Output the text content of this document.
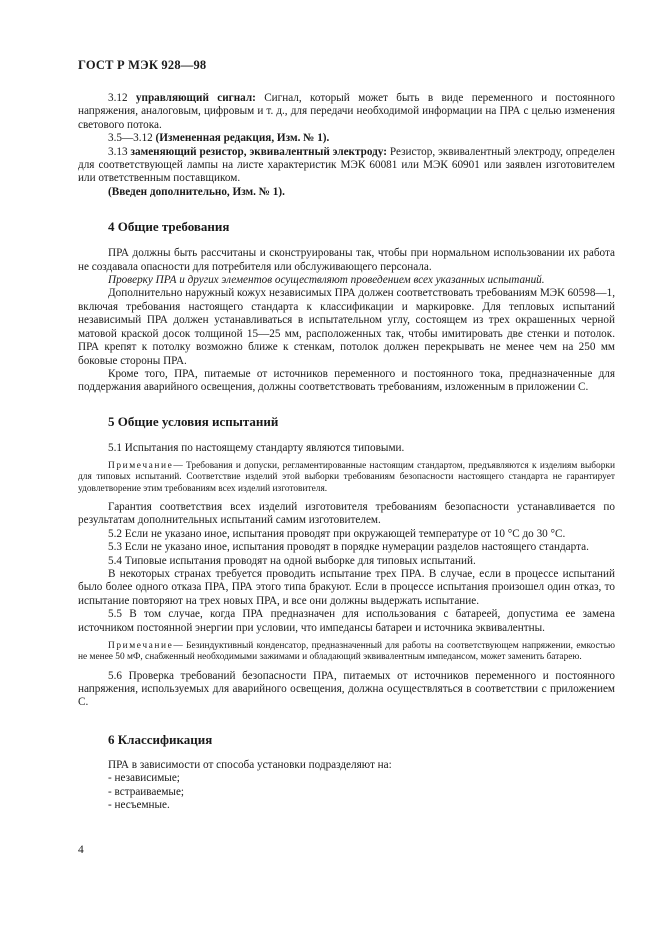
ГОСТ Р МЭК 928—98

3.12 управляющий сигнал: Сигнал, который может быть в виде переменного и постоянного напряжения, аналоговым, цифровым и т. д., для передачи необходимой информации на ПРА с целью изменения светового потока.

3.5—3.12 (Измененная редакция, Изм. № 1).

3.13 заменяющий резистор, эквивалентный электроду: Резистор, эквивалентный электроду, определен для соответствующей лампы на листе характеристик МЭК 60081 или МЭК 60901 или заявлен изготовителем или ответственным поставщиком.

(Введен дополнительно, Изм. № 1).

4 Общие требования

ПРА должны быть рассчитаны и сконструированы так, чтобы при нормальном использовании их работа не создавала опасности для потребителя или обслуживающего персонала.

Проверку ПРА и других элементов осуществляют проведением всех указанных испытаний.

Дополнительно наружный кожух независимых ПРА должен соответствовать требованиям МЭК 60598—1, включая требования настоящего стандарта к классификации и маркировке. Для тепловых испытаний независимый ПРА должен устанавливаться в испытательном углу, состоящем из трех окрашенных черной матовой краской досок толщиной 15—25 мм, расположенных так, чтобы имитировать две стенки и потолок. ПРА крепят к потолку возможно ближе к стенкам, потолок должен перекрывать не менее чем на 250 мм боковые стороны ПРА.

Кроме того, ПРА, питаемые от источников переменного и постоянного тока, предназначенные для поддержания аварийного освещения, должны соответствовать требованиям, изложенным в приложении С.

5 Общие условия испытаний

5.1 Испытания по настоящему стандарту являются типовыми.

Примечание— Требования и допуски, регламентированные настоящим стандартом, предъявляются к изделиям выборки для типовых испытаний. Соответствие изделий этой выборки требованиям безопасности настоящего стандарта не гарантирует удовлетворение этим требованиям всех изделий изготовителя.

Гарантия соответствия всех изделий изготовителя требованиям безопасности устанавливается по результатам дополнительных испытаний самим изготовителем.

5.2 Если не указано иное, испытания проводят при окружающей температуре от 10 °С до 30 °С.

5.3 Если не указано иное, испытания проводят в порядке нумерации разделов настоящего стандарта.

5.4 Типовые испытания проводят на одной выборке для типовых испытаний.

В некоторых странах требуется проводить испытание трех ПРА. В случае, если в процессе испытаний было более одного отказа ПРА, ПРА этого типа бракуют. Если в процессе испытания произошел один отказ, то испытание повторяют на трех новых ПРА, и все они должны выдержать испытание.

5.5 В том случае, когда ПРА предназначен для использования с батареей, допустима ее замена источником постоянной энергии при условии, что импедансы батареи и источника эквивалентны.

Примечание— Безиндуктивный конденсатор, предназначенный для работы на соответствующем напряжении, емкостью не менее 50 мФ, снабженный необходимыми зажимами и обладающий эквивалентным импедансом, может заменить батарею.

5.6 Проверка требований безопасности ПРА, питаемых от источников переменного и постоянного напряжения, используемых для аварийного освещения, должна осуществляться в соответствии с приложением С.

6 Классификация

ПРА в зависимости от способа установки подразделяют на:

- независимые;
- встраиваемые;
- несъемные.
4
